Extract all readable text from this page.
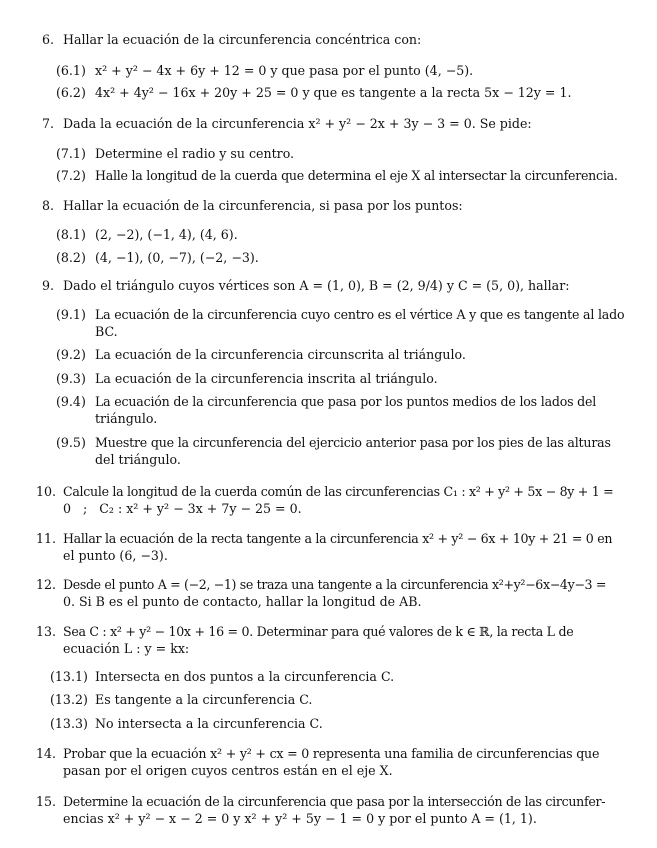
6. Hallar la ecuación de la circunferencia concéntrica con:
(6.1) x² + y² − 4x + 6y + 12 = 0 y que pasa por el punto (4, −5).
(6.2) 4x² + 4y² − 16x + 20y + 25 = 0 y que es tangente a la recta 5x − 12y = 1.
7. Dada la ecuación de la circunferencia x² + y² − 2x + 3y − 3 = 0. Se pide:
(7.1) Determine el radio y su centro.
(7.2) Halle la longitud de la cuerda que determina el eje X al intersectar la circunferencia.
8. Hallar la ecuación de la circunferencia, si pasa por los puntos:
(8.1) (2, −2), (−1, 4), (4, 6).
(8.2) (4, −1), (0, −7), (−2, −3).
9. Dado el triángulo cuyos vértices son A = (1, 0), B = (2, 9/4) y C = (5, 0), hallar:
(9.1) La ecuación de la circunferencia cuyo centro es el vértice A y que es tangente al lado
BC.
(9.2) La ecuación de la circunferencia circunscrita al triángulo.
(9.3) La ecuación de la circunferencia inscrita al triángulo.
(9.4) La ecuación de la circunferencia que pasa por los puntos medios de los lados del
triángulo.
(9.5) Muestre que la circunferencia del ejercicio anterior pasa por los pies de las alturas
del triángulo.
10. Calcule la longitud de la cuerda común de las circunferencias C₁ : x² + y² + 5x − 8y + 1 =
0   ;   C₂ : x² + y² − 3x + 7y − 25 = 0.
11. Hallar la ecuación de la recta tangente a la circunferencia x² + y² − 6x + 10y + 21 = 0 en
el punto (6, −3).
12. Desde el punto A = (−2, −1) se traza una tangente a la circunferencia x²+y²−6x−4y−3 =
0. Si B es el punto de contacto, hallar la longitud de AB.
13. Sea C : x² + y² − 10x + 16 = 0. Determinar para qué valores de k ∈ ℝ, la recta L de
ecuación L : y = kx:
(13.1) Intersecta en dos puntos a la circunferencia C.
(13.2) Es tangente a la circunferencia C.
(13.3) No intersecta a la circunferencia C.
14. Probar que la ecuación x² + y² + cx = 0 representa una familia de circunferencias que
pasan por el origen cuyos centros están en el eje X.
15. Determine la ecuación de la circunferencia que pasa por la intersección de las circunfer-
encias x² + y² − x − 2 = 0 y x² + y² + 5y − 1 = 0 y por el punto A = (1, 1).
